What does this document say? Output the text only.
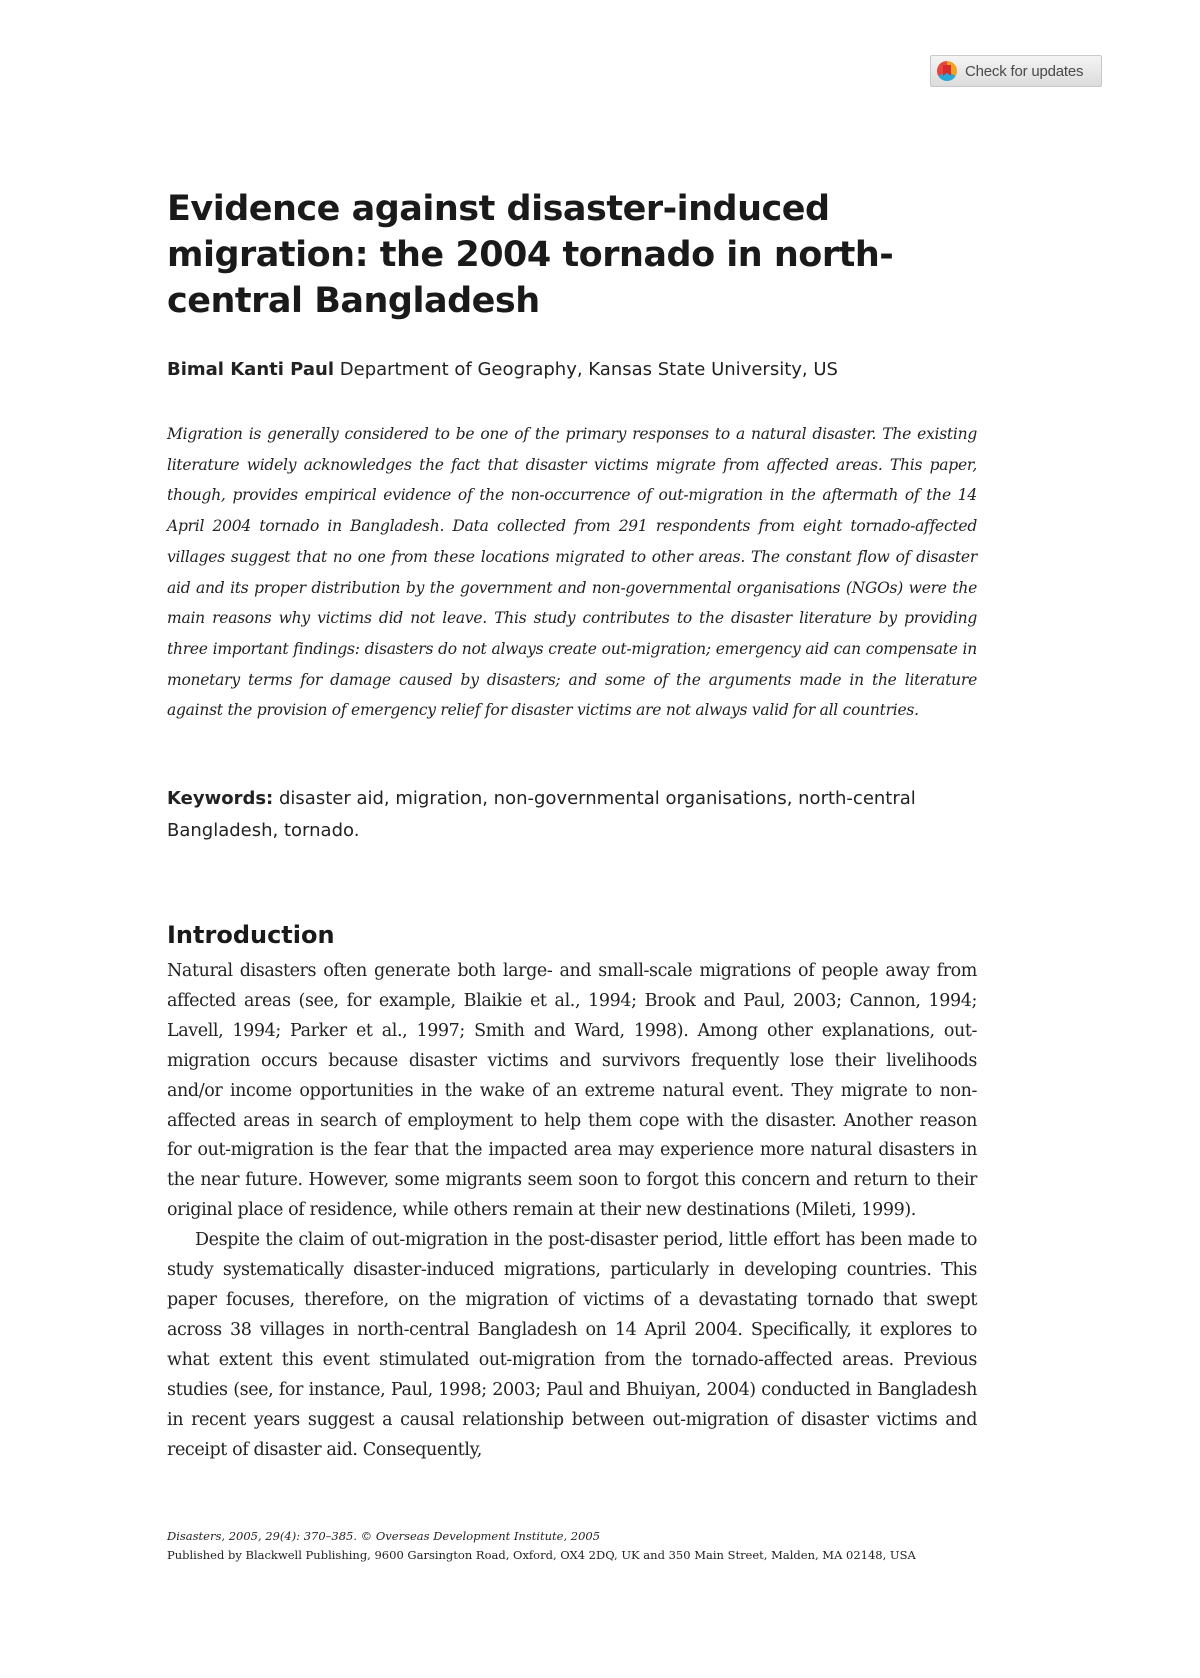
Check for updates
Evidence against disaster-induced migration: the 2004 tornado in north-central Bangladesh
Bimal Kanti Paul Department of Geography, Kansas State University, US

Migration is generally considered to be one of the primary responses to a natural disaster. The existing literature widely acknowledges the fact that disaster victims migrate from affected areas. This paper, though, provides empirical evidence of the non-occurrence of out-migration in the aftermath of the 14 April 2004 tornado in Bangladesh. Data collected from 291 respondents from eight tornado-affected villages suggest that no one from these locations migrated to other areas. The constant flow of disaster aid and its proper distribution by the government and non-governmental organisations (NGOs) were the main reasons why victims did not leave. This study contributes to the disaster literature by providing three important findings: disasters do not always create out-migration; emergency aid can compensate in monetary terms for damage caused by disasters; and some of the arguments made in the literature against the provision of emergency relief for disaster victims are not always valid for all countries.

Keywords: disaster aid, migration, non-governmental organisations, north-central Bangladesh, tornado.

Introduction

Natural disasters often generate both large- and small-scale migrations of people away from affected areas (see, for example, Blaikie et al., 1994; Brook and Paul, 2003; Cannon, 1994; Lavell, 1994; Parker et al., 1997; Smith and Ward, 1998). Among other explanations, out-migration occurs because disaster victims and survivors frequently lose their livelihoods and/or income opportunities in the wake of an extreme natural event. They migrate to non-affected areas in search of employment to help them cope with the disaster. Another reason for out-migration is the fear that the impacted area may experience more natural disasters in the near future. However, some migrants seem soon to forgot this concern and return to their original place of residence, while others remain at their new destinations (Mileti, 1999).

Despite the claim of out-migration in the post-disaster period, little effort has been made to study systematically disaster-induced migrations, particularly in developing countries. This paper focuses, therefore, on the migration of victims of a devastating tornado that swept across 38 villages in north-central Bangladesh on 14 April 2004. Specifically, it explores to what extent this event stimulated out-migration from the tornado-affected areas. Previous studies (see, for instance, Paul, 1998; 2003; Paul and Bhuiyan, 2004) conducted in Bangladesh in recent years suggest a causal relationship between out-migration of disaster victims and receipt of disaster aid. Consequently,

Disasters, 2005, 29(4): 370–385. © Overseas Development Institute, 2005
Published by Blackwell Publishing, 9600 Garsington Road, Oxford, OX4 2DQ, UK and 350 Main Street, Malden, MA 02148, USA
